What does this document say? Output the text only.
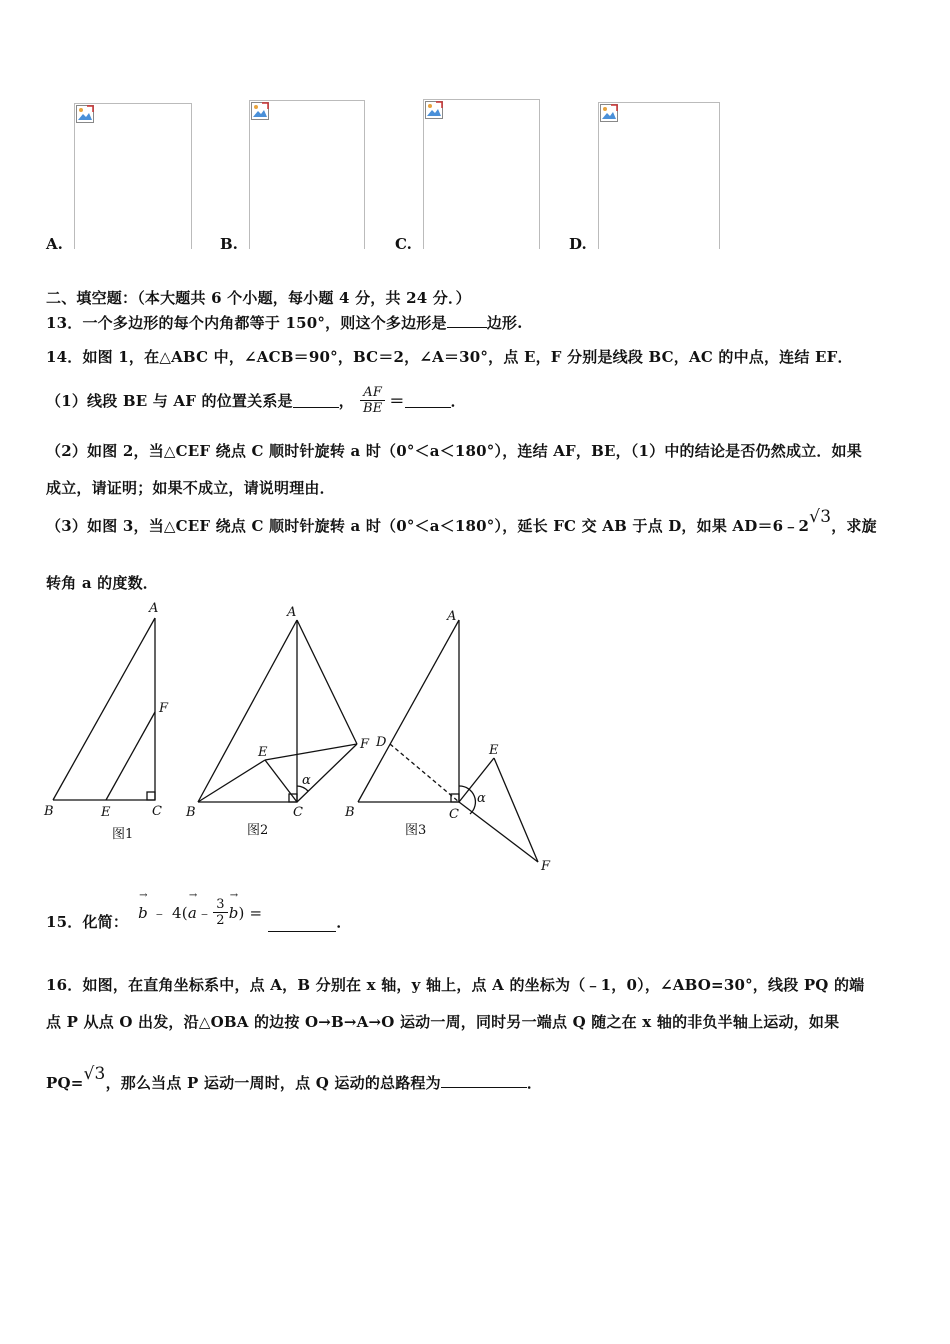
A.	B.	C.	D.
二、填空题：（本大题共 6 个小题，每小题 4 分，共 24 分．）
13．一个多边形的每个内角都等于 150°，则这个多边形是	边形.
14．如图 1，在△ABC 中，∠ACB＝90°，BC＝2，∠A＝30°，点 E，F 分别是线段 BC，AC 的中点，连结 EF．
（1）线段 BE 与 AF 的位置关系是	， $\frac{AF}{BE}$ ＝	．
（2）如图 2，当△CEF 绕点 C 顺时针旋转 a 时（0°＜a＜180°），连结 AF，BE，（1）中的结论是否仍然成立．如果
成立，请证明；如果不成立，请说明理由．
（3）如图 3，当△CEF 绕点 C 顺时针旋转 a 时（0°＜a＜180°），延长 FC 交 AB 于点 D，如果 AD＝6﹣2√3，求旋
转角 a 的度数．
A
B	C
E
F
图1
A
B	C
E
F
α
图2
A
B	C
D
E
F
α
图3
15．化简：
→
b ﹣ 4(
→
a ﹣ $\frac{3}{2}$
→
b ) =
．
16．如图，在直角坐标系中，点 A，B 分别在 x 轴，y 轴上，点 A 的坐标为（﹣1，0），∠ABO=30°，线段 PQ 的端
点 P 从点 O 出发，沿△OBA 的边按 O→B→A→O 运动一周，同时另一端点 Q 随之在 x 轴的非负半轴上运动，如果
PQ=√3，那么当点 P 运动一周时，点 Q 运动的总路程为	．
